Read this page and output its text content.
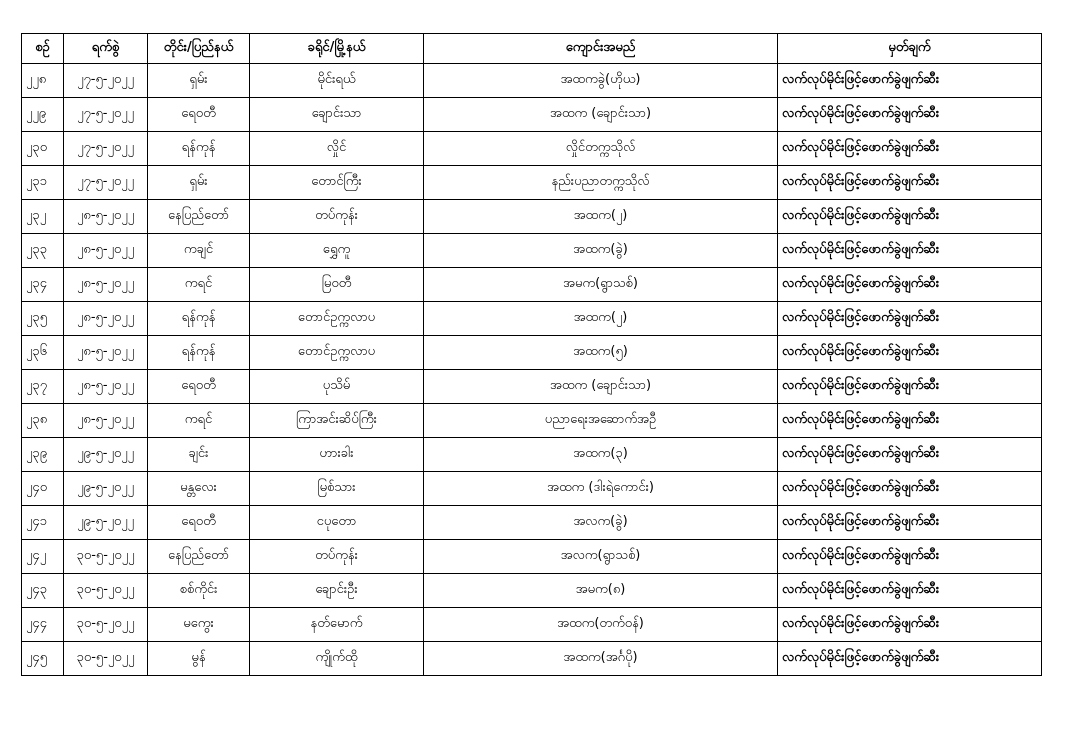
စဉ်	ရက်စွဲ	တိုင်း/ပြည်နယ်	ခရိုင်/မြို့နယ်	ကျောင်းအမည်	မှတ်ချက်
၂၂၈	၂၇-၅-၂၀၂၂	ရှမ်း	မိုင်းရယ်	အထကခွဲ(ဟိုယ)	လက်လုပ်မိုင်းဖြင့်ဖောက်ခွဲဖျက်ဆီး
၂၂၉	၂၇-၅-၂၀၂၂	ရေဝတီ	ချောင်းသာ	အထက (ချောင်းသာ)	လက်လုပ်မိုင်းဖြင့်ဖောက်ခွဲဖျက်ဆီး
၂၃၀	၂၇-၅-၂၀၂၂	ရန်ကုန်	လှိုင်	လှိုင်တက္ကသိုလ်	လက်လုပ်မိုင်းဖြင့်ဖောက်ခွဲဖျက်ဆီး
၂၃၁	၂၇-၅-၂၀၂၂	ရှမ်း	တောင်ကြီး	နည်းပညာတက္ကသိုလ်	လက်လုပ်မိုင်းဖြင့်ဖောက်ခွဲဖျက်ဆီး
၂၃၂	၂၈-၅-၂၀၂၂	နေပြည်တော်	တပ်ကုန်း	အထက(၂)	လက်လုပ်မိုင်းဖြင့်ဖောက်ခွဲဖျက်ဆီး
၂၃၃	၂၈-၅-၂၀၂၂	ကချင်	ရွှေကူ	အထက(ခွဲ)	လက်လုပ်မိုင်းဖြင့်ဖောက်ခွဲဖျက်ဆီး
၂၃၄	၂၈-၅-၂၀၂၂	ကရင်	မြဝတီ	အမက(ရွာသစ်)	လက်လုပ်မိုင်းဖြင့်ဖောက်ခွဲဖျက်ဆီး
၂၃၅	၂၈-၅-၂၀၂၂	ရန်ကုန်	တောင်ဥက္ကလာပ	အထက(၂)	လက်လုပ်မိုင်းဖြင့်ဖောက်ခွဲဖျက်ဆီး
၂၃၆	၂၈-၅-၂၀၂၂	ရန်ကုန်	တောင်ဥက္ကလာပ	အထက(၅)	လက်လုပ်မိုင်းဖြင့်ဖောက်ခွဲဖျက်ဆီး
၂၃၇	၂၈-၅-၂၀၂၂	ရေဝတီ	ပုသိမ်	အထက (ချောင်းသာ)	လက်လုပ်မိုင်းဖြင့်ဖောက်ခွဲဖျက်ဆီး
၂၃၈	၂၈-၅-၂၀၂၂	ကရင်	ကြာအင်းဆိပ်ကြီး	ပညာရေးအဆောက်အဦ	လက်လုပ်မိုင်းဖြင့်ဖောက်ခွဲဖျက်ဆီး
၂၃၉	၂၉-၅-၂၀၂၂	ချင်း	ဟားခါး	အထက(၃)	လက်လုပ်မိုင်းဖြင့်ဖောက်ခွဲဖျက်ဆီး
၂၄၀	၂၉-၅-၂၀၂၂	မန္တလေး	မြစ်သား	အထက (ဒါးရဲကောင်း)	လက်လုပ်မိုင်းဖြင့်ဖောက်ခွဲဖျက်ဆီး
၂၄၁	၂၉-၅-၂၀၂၂	ရေဝတီ	ငပုတော	အလက(ခွဲ)	လက်လုပ်မိုင်းဖြင့်ဖောက်ခွဲဖျက်ဆီး
၂၄၂	၃၀-၅-၂၀၂၂	နေပြည်တော်	တပ်ကုန်း	အလက(ရွာသစ်)	လက်လုပ်မိုင်းဖြင့်ဖောက်ခွဲဖျက်ဆီး
၂၄၃	၃၀-၅-၂၀၂၂	စစ်ကိုင်း	ချောင်းဦး	အမက(၈)	လက်လုပ်မိုင်းဖြင့်ဖောက်ခွဲဖျက်ဆီး
၂၄၄	၃၀-၅-၂၀၂၂	မကွေး	နတ်မောက်	အထက(တက်ဝန်)	လက်လုပ်မိုင်းဖြင့်ဖောက်ခွဲဖျက်ဆီး
၂၄၅	၃၀-၅-၂၀၂၂	မွန်	ကျိုက်ထို	အထက(အင်္ဂပို)	လက်လုပ်မိုင်းဖြင့်ဖောက်ခွဲဖျက်ဆီး
